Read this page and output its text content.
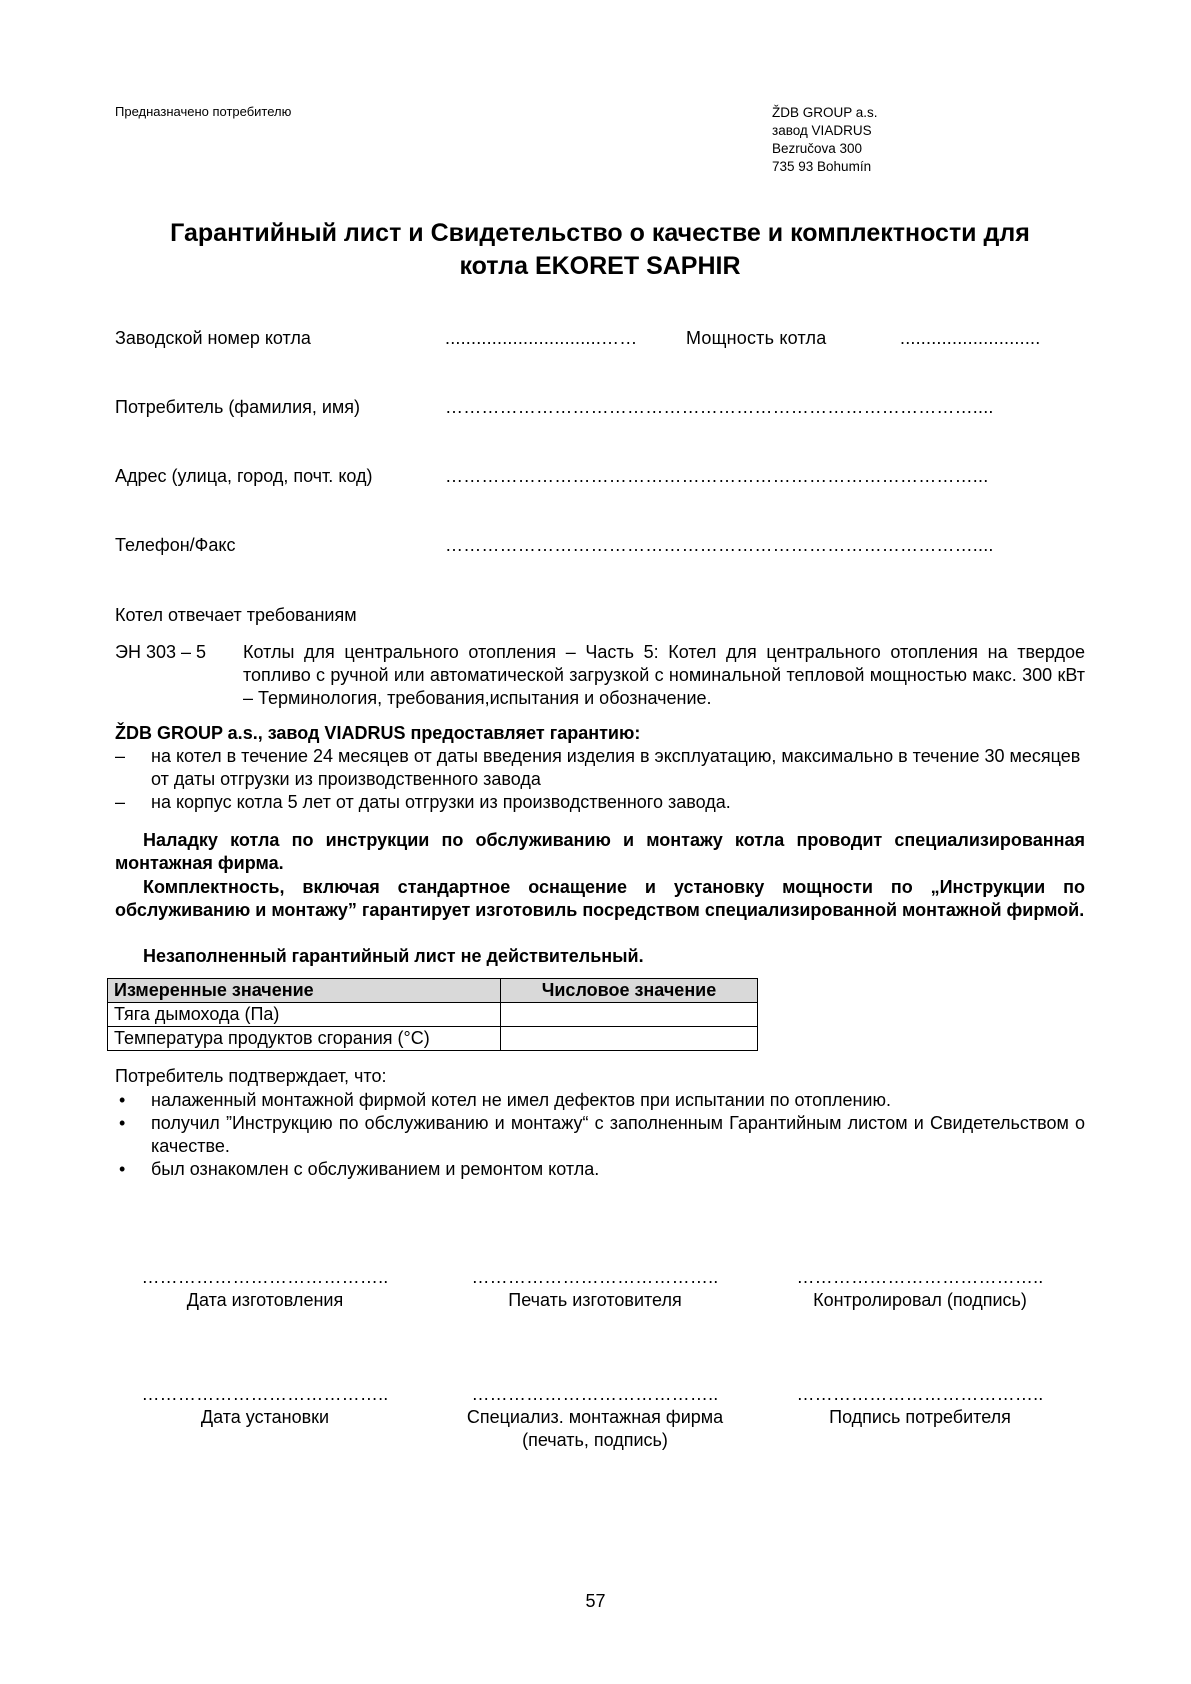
Предназначено потребителю	ŽDB GROUP a.s.
завод VIADRUS
Bezručova 300
735 93 Bohumín
Гарантийный лист и Свидетельство о качестве и комплектности для
котла EKORET SAPHIR
Заводской номер котла	..............................……	Мощность котла	...........................
Потребитель (фамилия, имя)	……………………………………………………………………………....
Адрес (улица, город, почт. код)	……………………………………………………………………………...
Телефон/Факс	……………………………………………………………………………....
Котел отвечает требованиям
ЭН 303 – 5 Котлы для центрального отопления – Часть 5: Котел для центрального отопления на твердое топливо с ручной или автоматической загрузкой с номинальной тепловой мощностью макс. 300 кВт – Терминология, требования,испытания и обозначение.
ŽDB GROUP a.s., завод VIADRUS предоставляет гарантию:
– на котел в течение 24 месяцев от даты введения изделия в эксплуатацию, максимально в течение 30 месяцев от даты отгрузки из производственного завода
– на корпус котла 5 лет от даты отгрузки из производственного завода.
Наладку котла по инструкции по обслуживанию и монтажу котла проводит специализированная монтажная фирма.
Комплектность, включая стандартное оснащение и установку мощности по „Инструкции по обслуживанию и монтажу” гарантирует изготовиль посредством специализированной монтажной фирмой.
Незаполненный гарантийный лист не действительный.
Измеренные значение	Числовое значение
Тяга дымохода (Па)	
Температура продуктов сгорания (°C)	
Потребитель подтверждает, что:
• налаженный монтажной фирмой котел не имел дефектов при испытании по отоплению.
• получил ”Инструкцию по обслуживанию и монтажу“ с заполненным Гарантийным листом и Свидетельством о качестве.
• был ознакомлен с обслуживанием и ремонтом котла.
…………………………………..
Дата изготовления
…………………………………..
Печать изготовителя
…………………………………..
Контролировал (подпись)
…………………………………..
Дата установки
…………………………………..
Специализ. монтажная фирма
(печать, подпись)
…………………………………..
Подпись потребителя
57
